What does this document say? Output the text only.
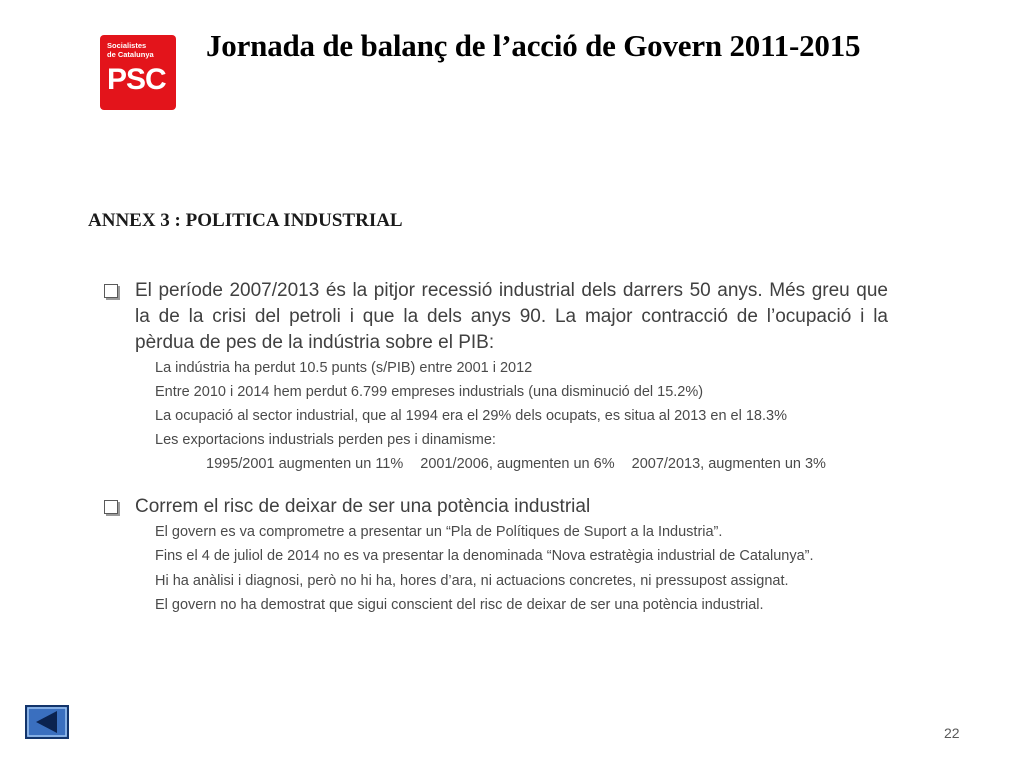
Socialistes
de Catalunya
PSC
Jornada de balanç de l’acció de Govern 2011-2015
ANNEX 3 : POLITICA INDUSTRIAL

El període 2007/2013 és la pitjor recessió industrial dels darrers 50 anys. Més greu que la de la crisi del petroli i que la dels anys 90. La major contracció de l’ocupació i la pèrdua de pes de la indústria sobre el PIB:

La indústria ha perdut 10.5 punts (s/PIB) entre 2001 i 2012

Entre 2010 i 2014 hem perdut 6.799 empreses industrials (una disminució del 15.2%)

La ocupació al sector industrial, que al 1994 era el 29% dels ocupats, es situa al 2013 en el 18.3%

Les exportacions industrials perden pes i dinamisme:

1995/2001 augmenten un 11% 2001/2006, augmenten un 6% 2007/2013, augmenten un 3%

Correm el risc de deixar de ser una potència industrial

El govern es va comprometre a presentar un “Pla de Polítiques de Suport a la Industria”.

Fins el 4 de juliol de 2014 no es va presentar la denominada “Nova estratègia industrial de Catalunya”.

Hi ha anàlisi i diagnosi, però no hi ha, hores d’ara, ni actuacions concretes, ni pressupost assignat.

El govern no ha demostrat que sigui conscient del risc de deixar de ser una potència industrial.

22
